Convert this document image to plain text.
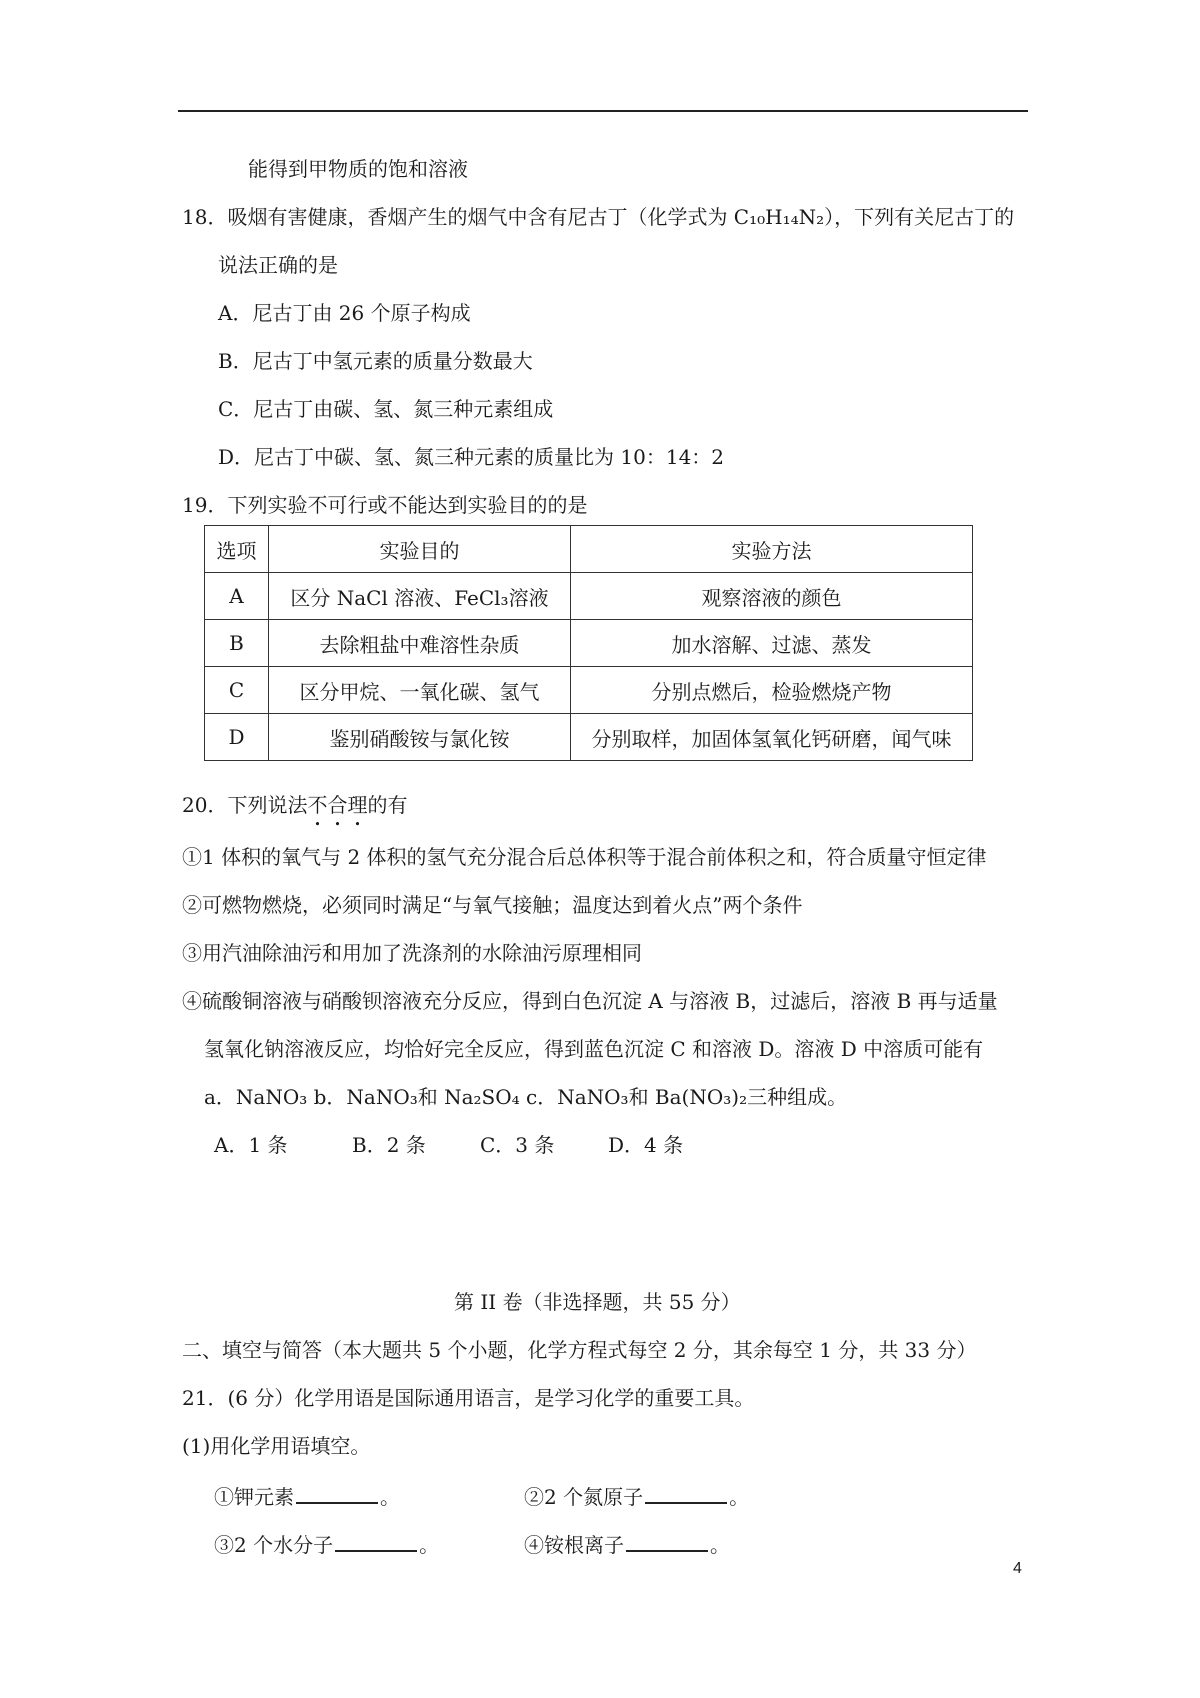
能得到甲物质的饱和溶液
18．吸烟有害健康，香烟产生的烟气中含有尼古丁（化学式为 C₁₀H₁₄N₂），下列有关尼古丁的
说法正确的是
A．尼古丁由 26 个原子构成
B．尼古丁中氢元素的质量分数最大
C．尼古丁由碳、氢、氮三种元素组成
D．尼古丁中碳、氢、氮三种元素的质量比为 10：14：2
19．下列实验不可行或不能达到实验目的的是
选项	实验目的	实验方法
A	区分 NaCl 溶液、FeCl₃溶液	观察溶液的颜色
B	去除粗盐中难溶性杂质	加水溶解、过滤、蒸发
C	区分甲烷、一氧化碳、氢气	分别点燃后，检验燃烧产物
D	鉴别硝酸铵与氯化铵	分别取样，加固体氢氧化钙研磨，闻气味
20．下列说法不合理的有
①1 体积的氧气与 2 体积的氢气充分混合后总体积等于混合前体积之和，符合质量守恒定律
②可燃物燃烧，必须同时满足“与氧气接触；温度达到着火点”两个条件
③用汽油除油污和用加了洗涤剂的水除油污原理相同
④硫酸铜溶液与硝酸钡溶液充分反应，得到白色沉淀 A 与溶液 B，过滤后，溶液 B 再与适量
氢氧化钠溶液反应，均恰好完全反应，得到蓝色沉淀 C 和溶液 D。溶液 D 中溶质可能有
a．NaNO₃ b．NaNO₃和 Na₂SO₄ c．NaNO₃和 Ba(NO₃)₂三种组成。
A．1 条	B．2 条	C．3 条	D．4 条
第 II 卷（非选择题，共 55 分）
二、填空与简答（本大题共 5 个小题，化学方程式每空 2 分，其余每空 1 分，共 33 分）
21．(6 分）化学用语是国际通用语言，是学习化学的重要工具。
(1)用化学用语填空。
①钾元素	。	②2 个氮原子	。
③2 个水分子	。	④铵根离子	。
4
